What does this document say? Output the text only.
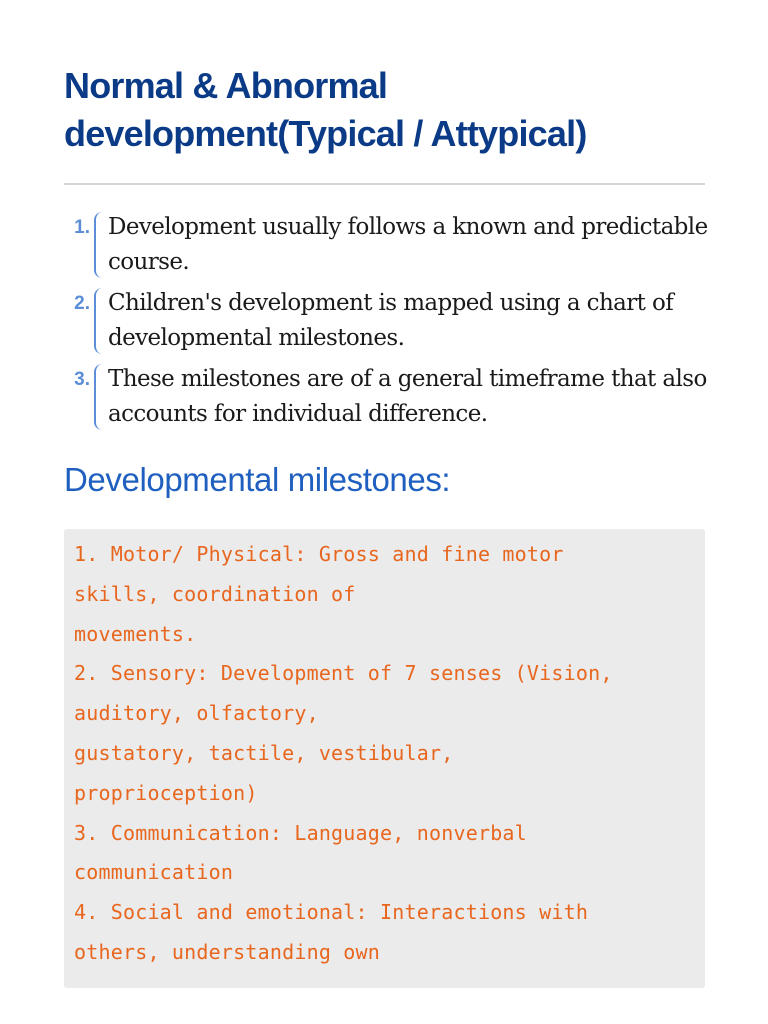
Normal & Abnormal development(Typical / Attypical)
1. Development usually follows a known and predictable course.
2. Children's development is mapped using a chart of developmental milestones.
3. These milestones are of a general timeframe that also accounts for individual difference.
Developmental milestones:
1. Motor/ Physical: Gross and fine motor
skills, coordination of
movements.
2. Sensory: Development of 7 senses (Vision,
auditory, olfactory,
gustatory, tactile, vestibular,
proprioception)
3. Communication: Language, nonverbal
communication
4. Social and emotional: Interactions with
others, understanding own
